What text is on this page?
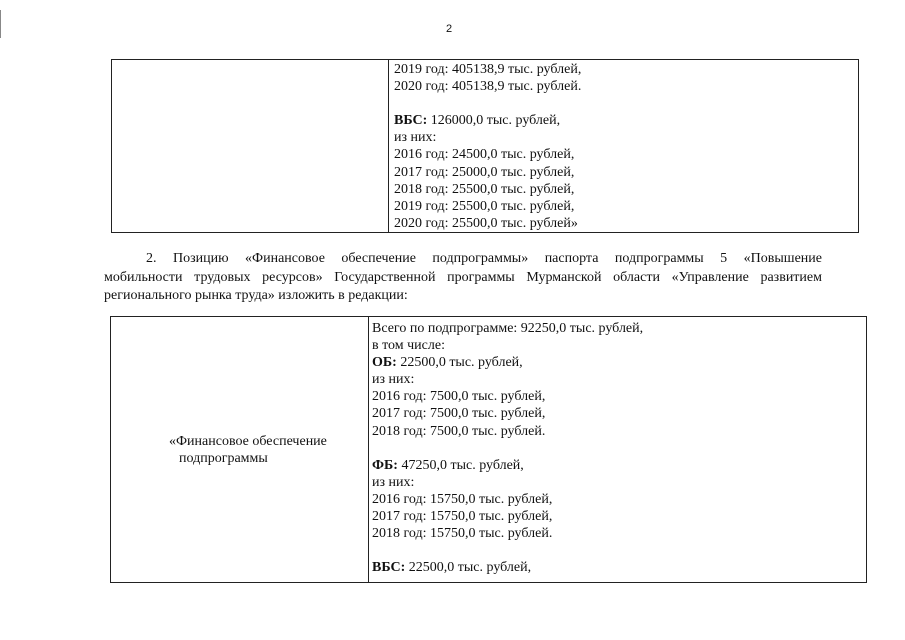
2
2019 год: 405138,9 тыс. рублей,
2020 год: 405138,9 тыс. рублей.
ВБС: 126000,0 тыс. рублей,
из них:
2016 год: 24500,0 тыс. рублей,
2017 год: 25000,0 тыс. рублей,
2018 год: 25500,0 тыс. рублей,
2019 год: 25500,0 тыс. рублей,
2020 год: 25500,0 тыс. рублей»
2. Позицию «Финансовое обеспечение подпрограммы» паспорта подпрограммы 5 «Повышение
мобильности трудовых ресурсов» Государственной программы Мурманской области «Управление развитием
регионального рынка труда» изложить в редакции:
«Финансовое обеспечение
подпрограммы
Всего по подпрограмме: 92250,0 тыс. рублей,
в том числе:
ОБ: 22500,0 тыс. рублей,
из них:
2016 год: 7500,0 тыс. рублей,
2017 год: 7500,0 тыс. рублей,
2018 год: 7500,0 тыс. рублей.
ФБ: 47250,0 тыс. рублей,
из них:
2016 год: 15750,0 тыс. рублей,
2017 год: 15750,0 тыс. рублей,
2018 год: 15750,0 тыс. рублей.
ВБС: 22500,0 тыс. рублей,
